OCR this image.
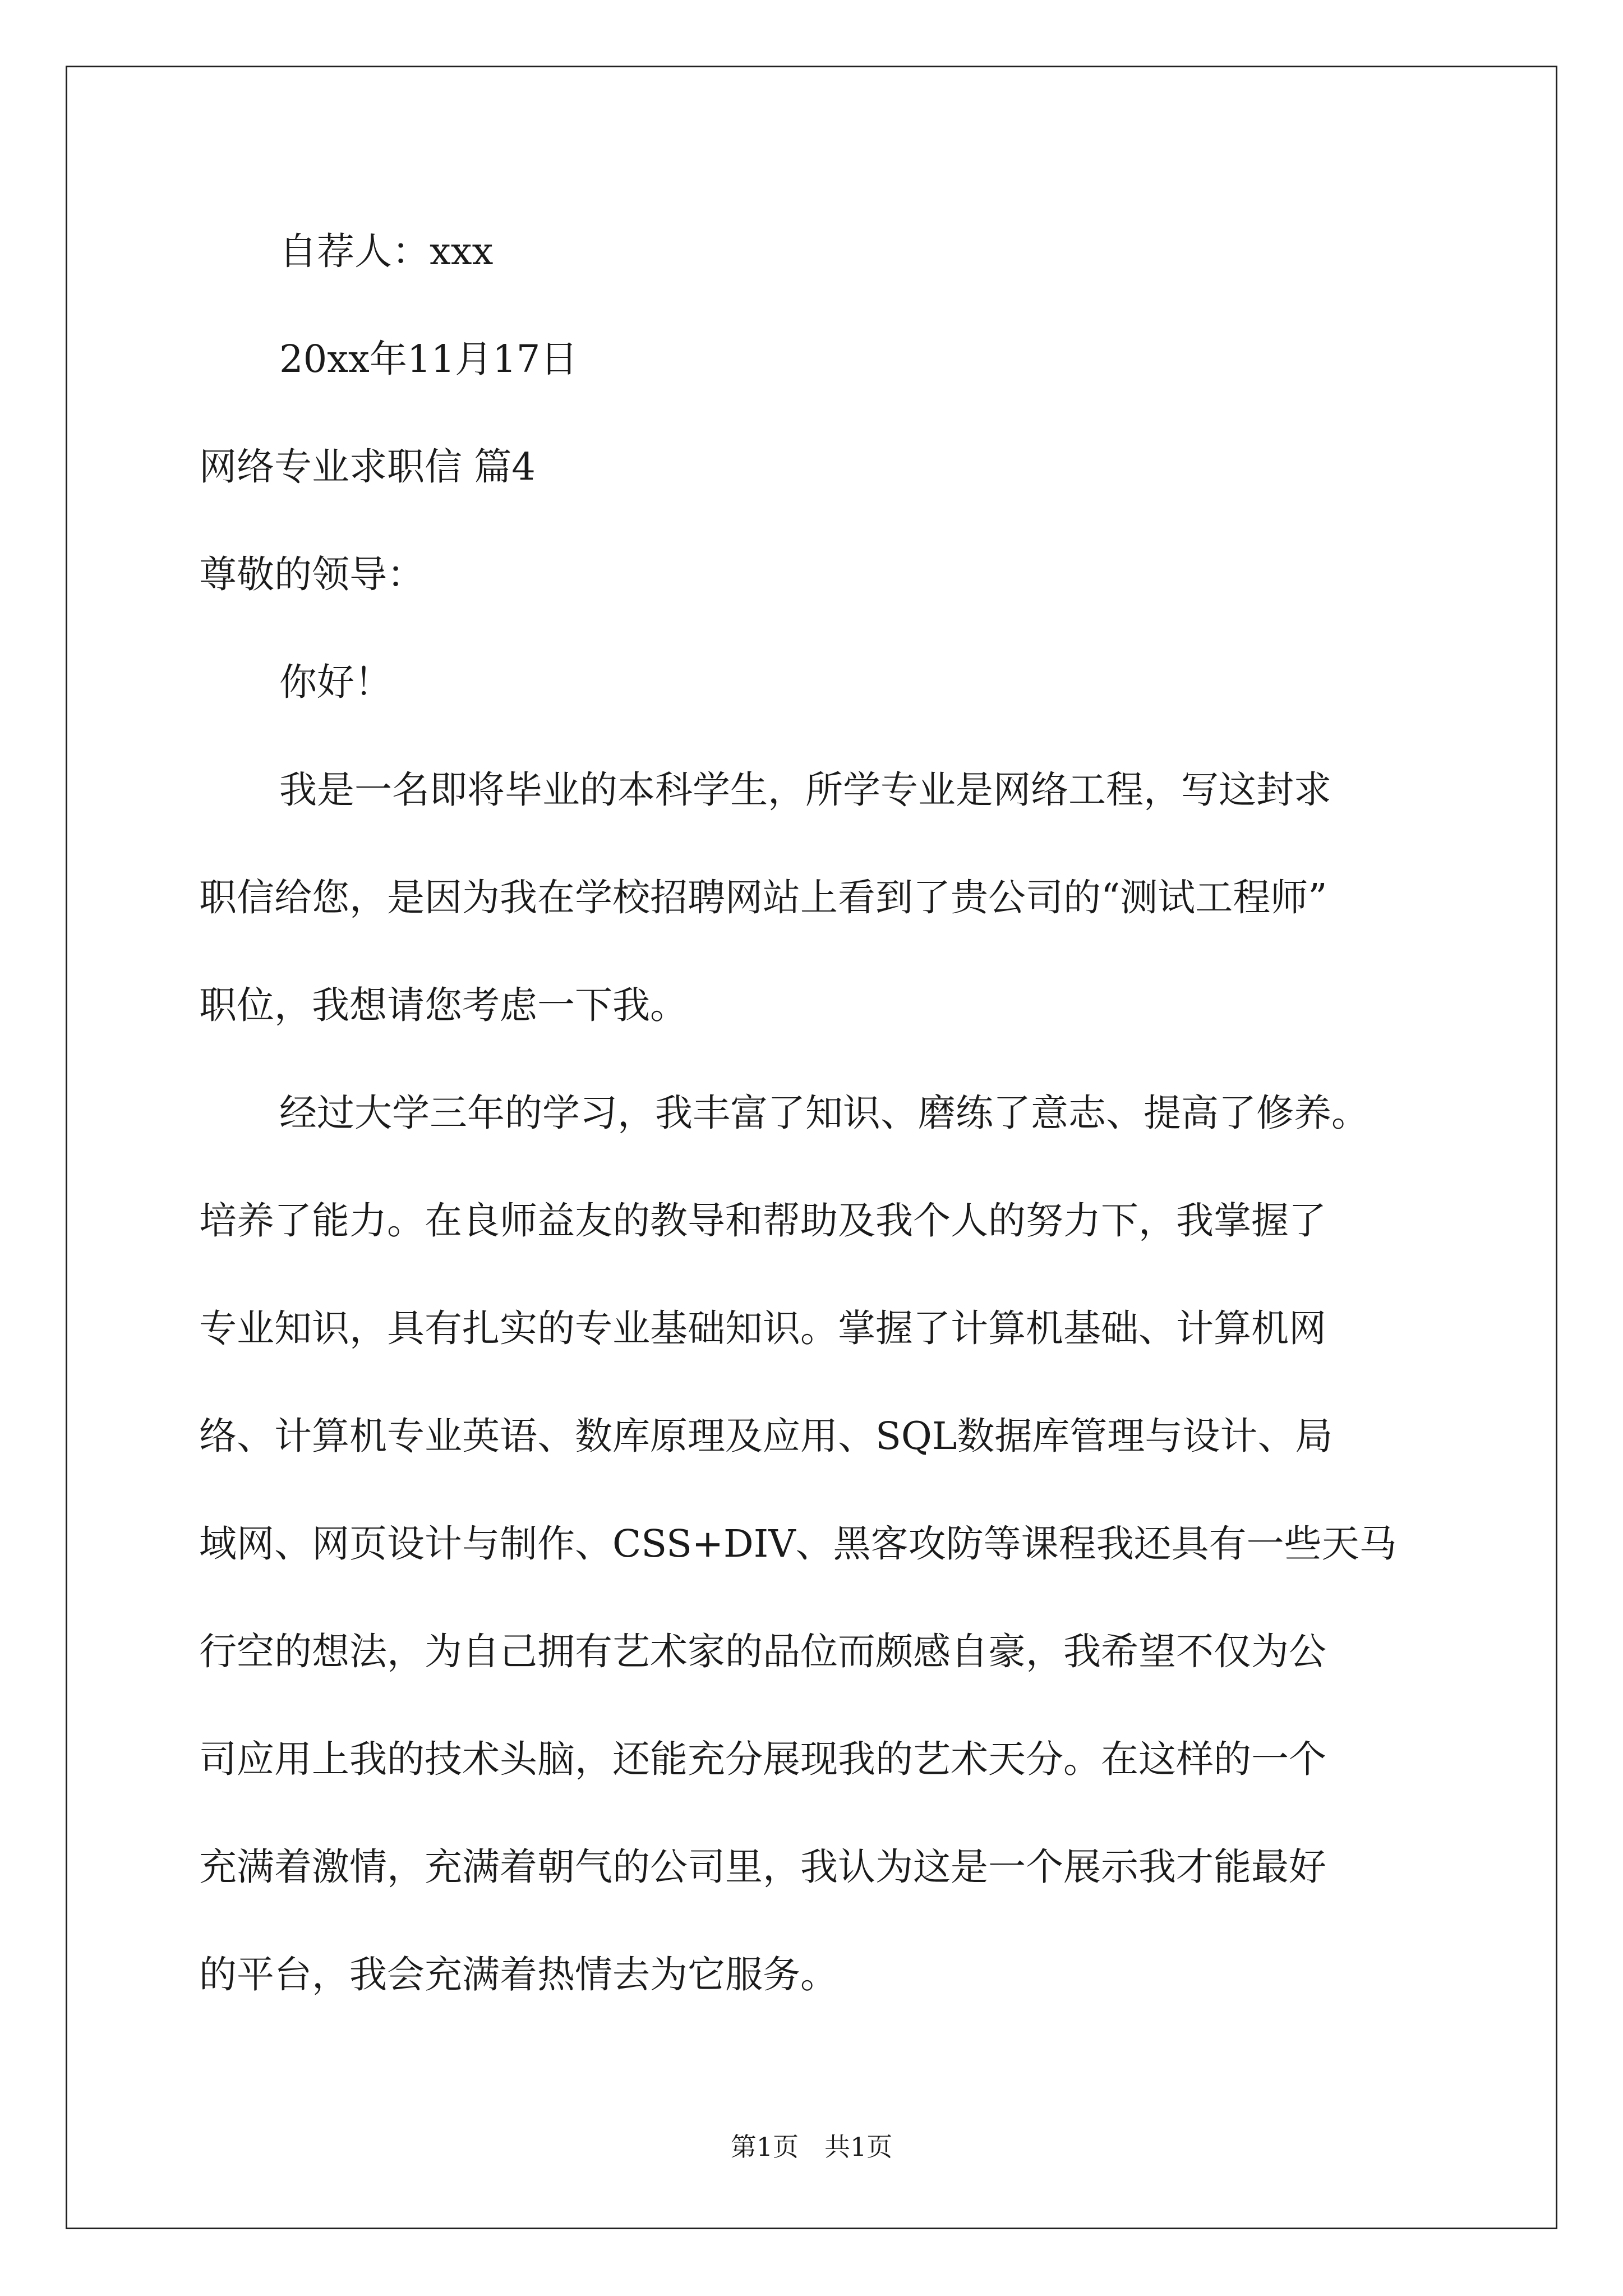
自荐人：xxx
20xx年11月17日
网络专业求职信 篇4
尊敬的领导：
你好！
我是一名即将毕业的本科学生，所学专业是网络工程，写这封求
职信给您，是因为我在学校招聘网站上看到了贵公司的“测试工程师”
职位，我想请您考虑一下我。
经过大学三年的学习，我丰富了知识、磨练了意志、提高了修养。
培养了能力。在良师益友的教导和帮助及我个人的努力下，我掌握了
专业知识，具有扎实的专业基础知识。掌握了计算机基础、计算机网
络、计算机专业英语、数库原理及应用、SQL数据库管理与设计、局
域网、网页设计与制作、CSS+DIV、黑客攻防等课程我还具有一些天马
行空的想法，为自己拥有艺术家的品位而颇感自豪，我希望不仅为公
司应用上我的技术头脑，还能充分展现我的艺术天分。在这样的一个
充满着激情，充满着朝气的公司里，我认为这是一个展示我才能最好
的平台，我会充满着热情去为它服务。
第1页　共1页
